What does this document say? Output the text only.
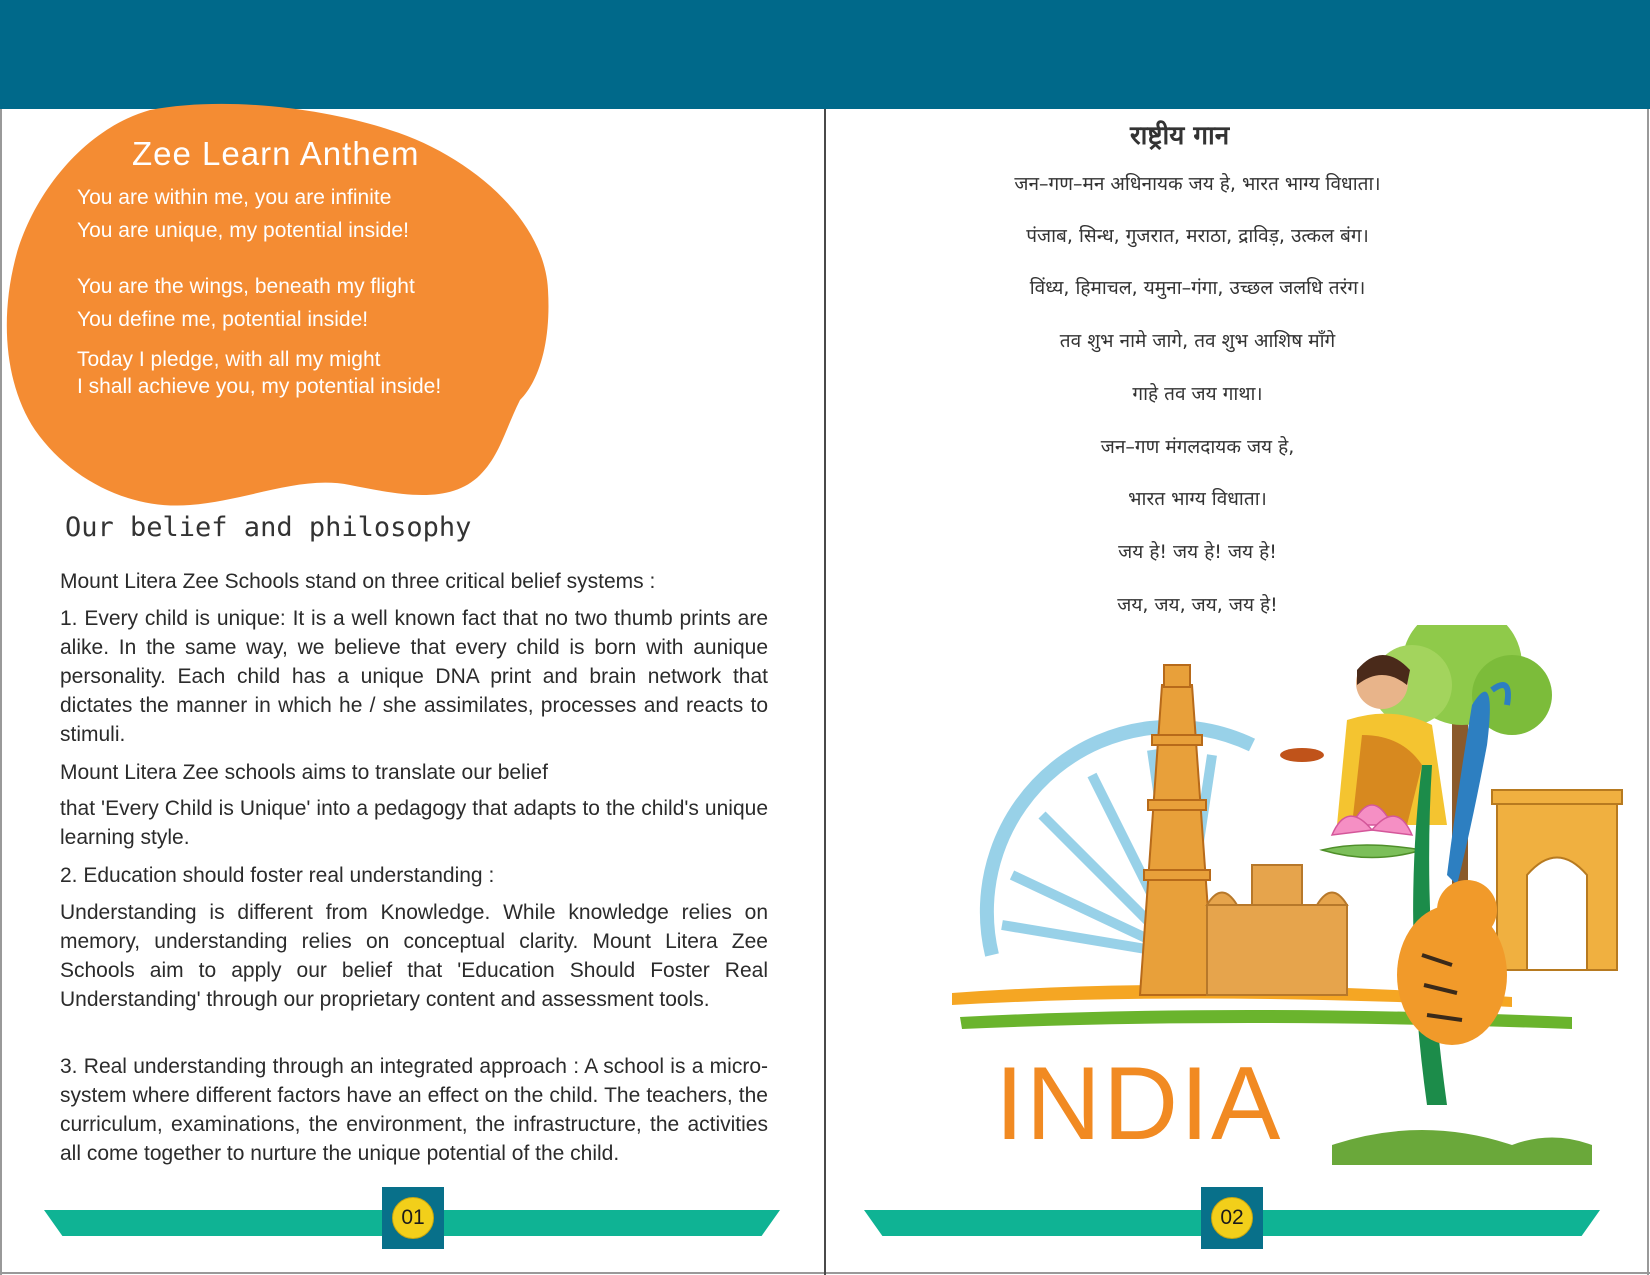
Zee Learn Anthem
You are within me, you are infinite
You are unique, my potential inside!
You are the wings, beneath my flight
You define me, potential inside!
Today I pledge, with all my might
I shall achieve you, my potential inside!
Our belief and philosophy
Mount Litera Zee Schools stand on three critical belief systems :
1. Every child is unique: It is a well known fact that no two thumb prints are alike. In the same way, we believe that every child is born with aunique personality. Each child has a unique DNA print and brain network that dictates the manner in which he / she assimilates, processes and reacts to stimuli.
Mount Litera Zee schools aims to translate our belief
that 'Every Child is Unique' into a pedagogy that adapts to the child's unique learning style.
2. Education should foster real understanding :
Understanding is different from Knowledge. While knowledge relies on memory, understanding relies on conceptual clarity. Mount Litera Zee Schools aim to apply our belief that 'Education Should Foster Real Understanding' through our proprietary content and assessment tools.
3. Real understanding through an integrated approach : A school is a micro-system where different factors have an effect on the child. The teachers, the curriculum, examinations, the environment, the infrastructure, the activities all come together to nurture the unique potential of the child.
01
राष्ट्रीय गान
जन–गण–मन अधिनायक जय हे, भारत भाग्य विधाता।
पंजाब, सिन्ध, गुजरात, मराठा, द्राविड़, उत्कल बंग।
विंध्य, हिमाचल, यमुना–गंगा, उच्छल जलधि तरंग।
तव शुभ नामे जागे, तव शुभ आशिष माँगे
गाहे तव जय गाथा।
जन–गण मंगलदायक जय हे,
भारत भाग्य विधाता।
जय हे! जय हे! जय हे!
जय, जय, जय, जय हे!
INDIA
02
